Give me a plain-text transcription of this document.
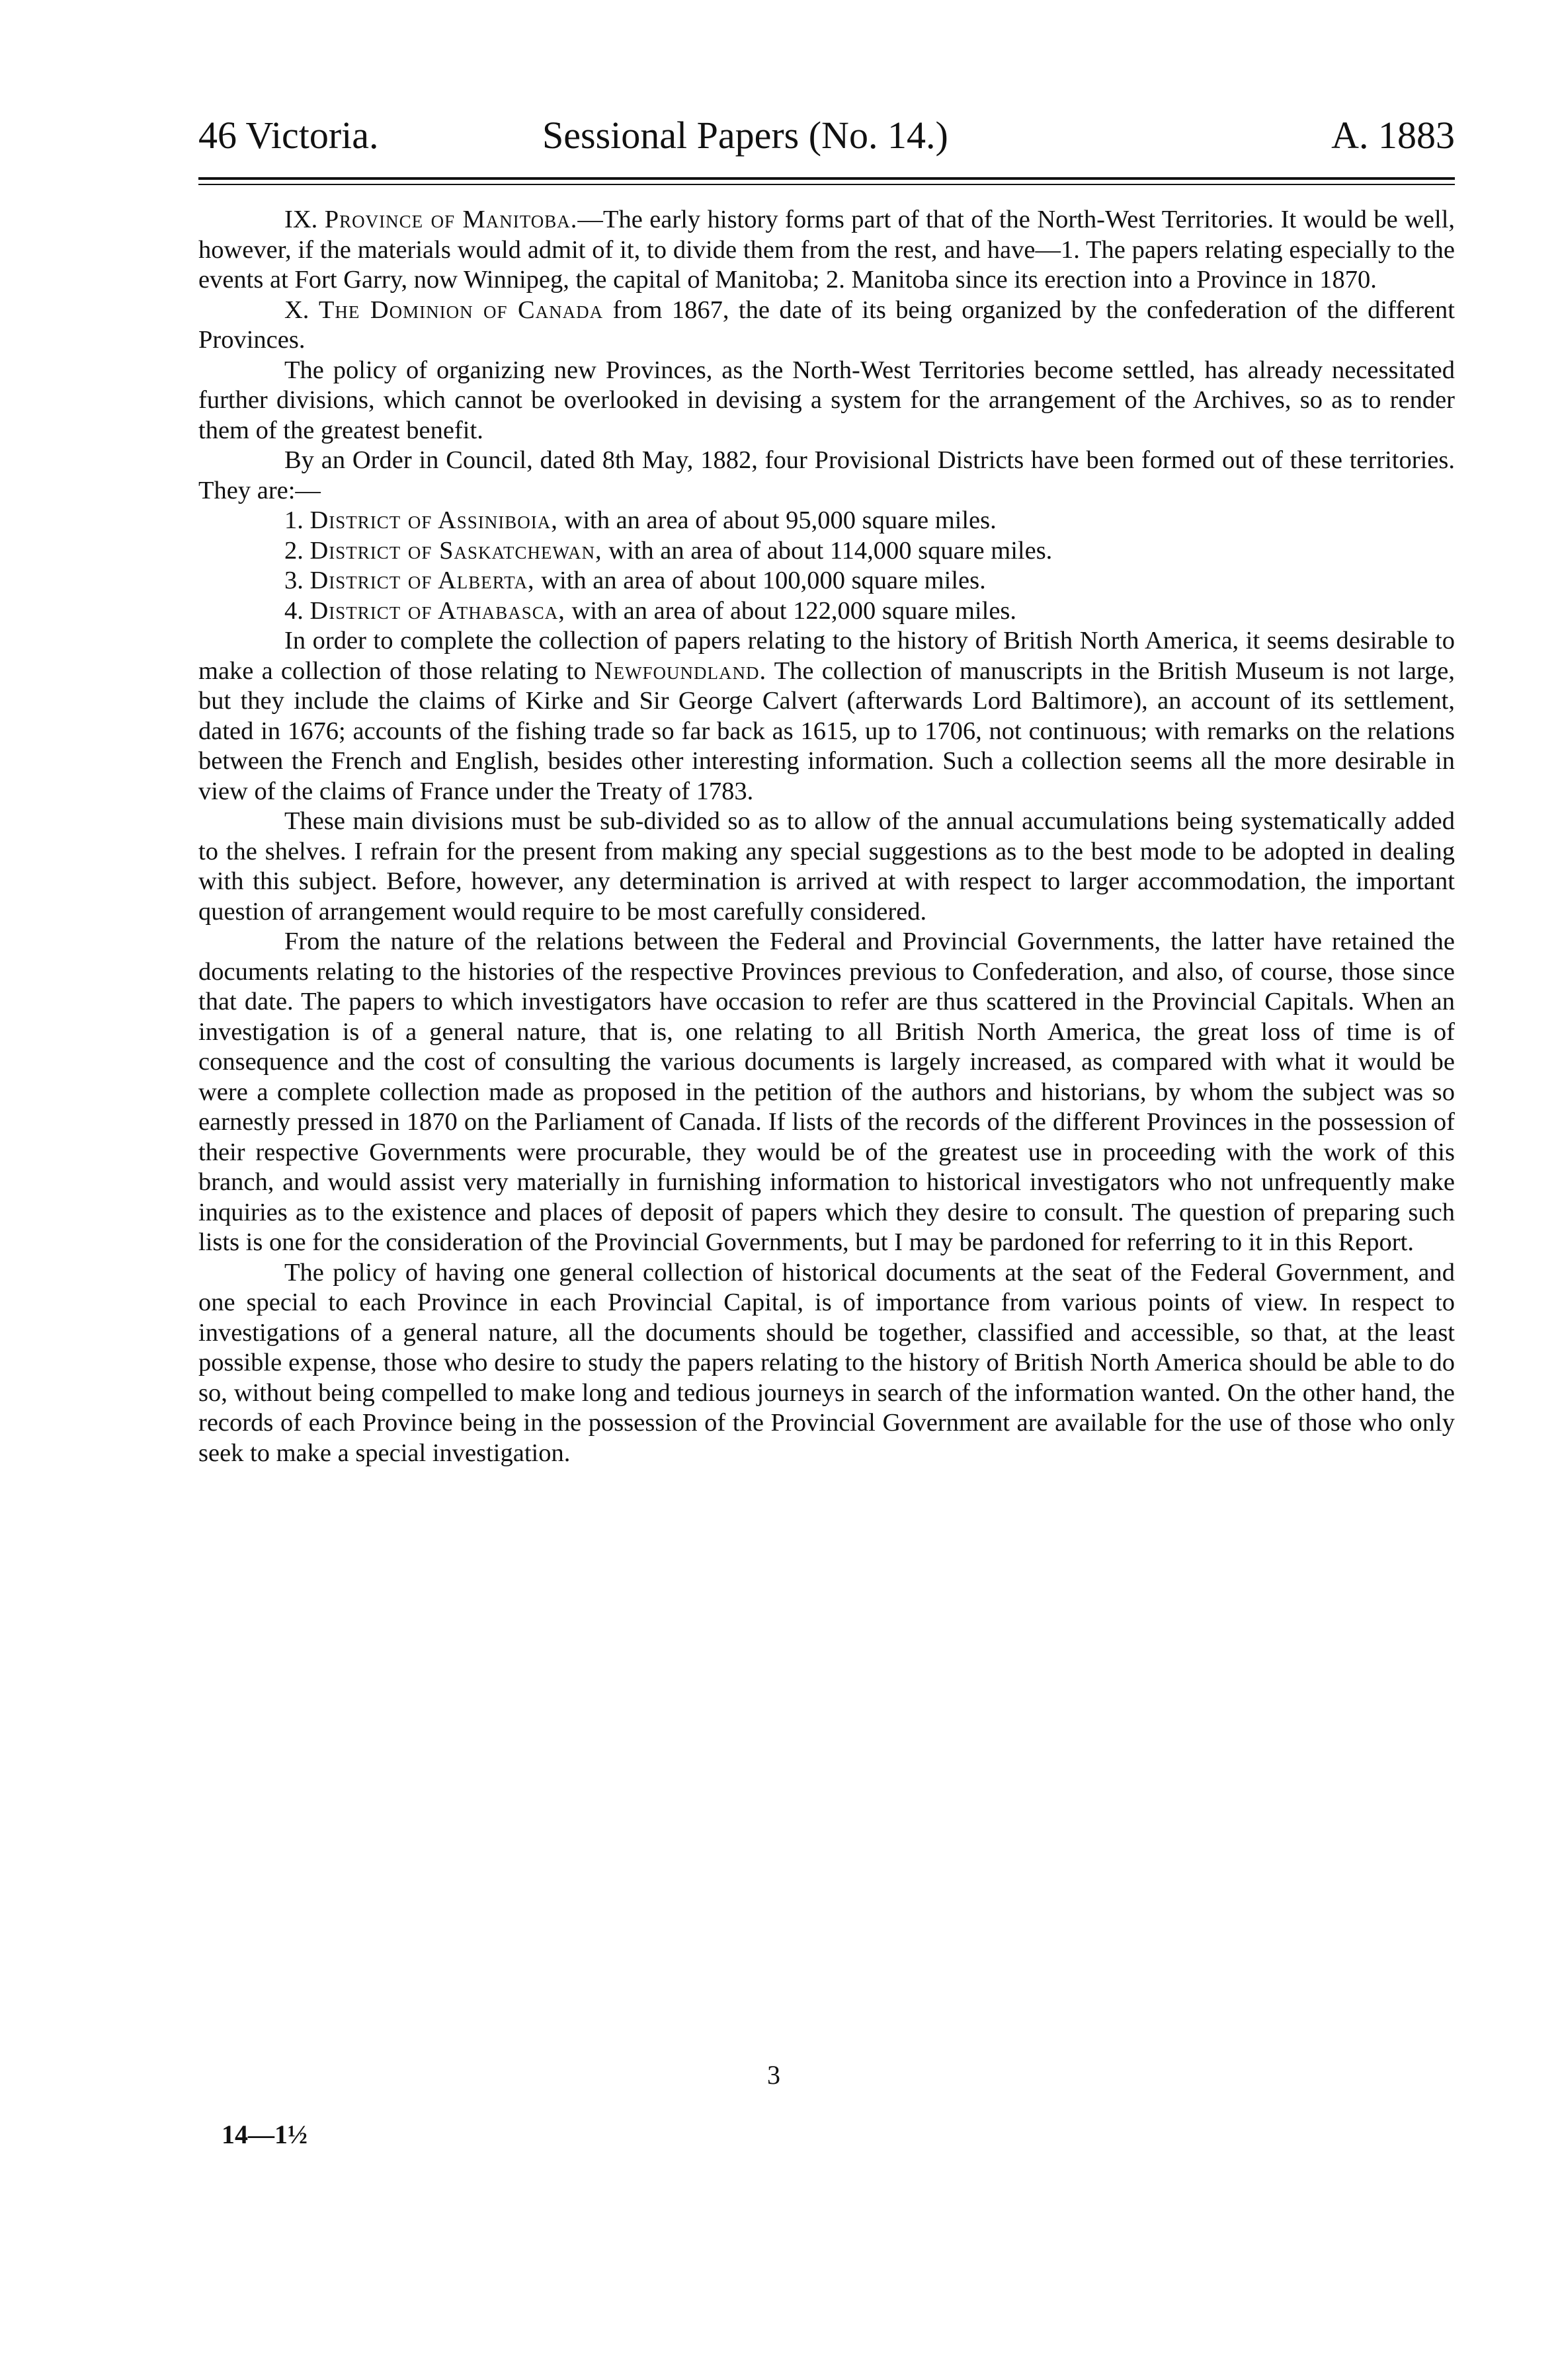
46 Victoria.	Sessional Papers (No. 14.)	A. 1883

IX. Province of Manitoba.—The early history forms part of that of the North-West Territories. It would be well, however, if the materials would admit of it, to divide them from the rest, and have—1. The papers relating especially to the events at Fort Garry, now Winnipeg, the capital of Manitoba; 2. Manitoba since its erection into a Province in 1870.

X. The Dominion of Canada from 1867, the date of its being organized by the confederation of the different Provinces.

The policy of organizing new Provinces, as the North-West Territories become settled, has already necessitated further divisions, which cannot be overlooked in devising a system for the arrangement of the Archives, so as to render them of the greatest benefit.

By an Order in Council, dated 8th May, 1882, four Provisional Districts have been formed out of these territories. They are:—

1. District of Assiniboia, with an area of about 95,000 square miles.

2. District of Saskatchewan, with an area of about 114,000 square miles.

3. District of Alberta, with an area of about 100,000 square miles.

4. District of Athabasca, with an area of about 122,000 square miles.

In order to complete the collection of papers relating to the history of British North America, it seems desirable to make a collection of those relating to Newfoundland. The collection of manuscripts in the British Museum is not large, but they include the claims of Kirke and Sir George Calvert (afterwards Lord Baltimore), an account of its settlement, dated in 1676; accounts of the fishing trade so far back as 1615, up to 1706, not continuous; with remarks on the relations between the French and English, besides other interesting information. Such a collection seems all the more desirable in view of the claims of France under the Treaty of 1783.

These main divisions must be sub-divided so as to allow of the annual accumulations being systematically added to the shelves. I refrain for the present from making any special suggestions as to the best mode to be adopted in dealing with this subject. Before, however, any determination is arrived at with respect to larger accommodation, the important question of arrangement would require to be most carefully considered.

From the nature of the relations between the Federal and Provincial Governments, the latter have retained the documents relating to the histories of the respective Provinces previous to Confederation, and also, of course, those since that date. The papers to which investigators have occasion to refer are thus scattered in the Provincial Capitals. When an investigation is of a general nature, that is, one relating to all British North America, the great loss of time is of consequence and the cost of consulting the various documents is largely increased, as compared with what it would be were a complete collection made as proposed in the petition of the authors and historians, by whom the subject was so earnestly pressed in 1870 on the Parliament of Canada. If lists of the records of the different Provinces in the possession of their respective Governments were procurable, they would be of the greatest use in proceeding with the work of this branch, and would assist very materially in furnishing information to historical investigators who not unfrequently make inquiries as to the existence and places of deposit of papers which they desire to consult. The question of preparing such lists is one for the consideration of the Provincial Governments, but I may be pardoned for referring to it in this Report.

The policy of having one general collection of historical documents at the seat of the Federal Government, and one special to each Province in each Provincial Capital, is of importance from various points of view. In respect to investigations of a general nature, all the documents should be together, classified and accessible, so that, at the least possible expense, those who desire to study the papers relating to the history of British North America should be able to do so, without being compelled to make long and tedious journeys in search of the information wanted. On the other hand, the records of each Province being in the possession of the Provincial Government are available for the use of those who only seek to make a special investigation.

3
14—1½
